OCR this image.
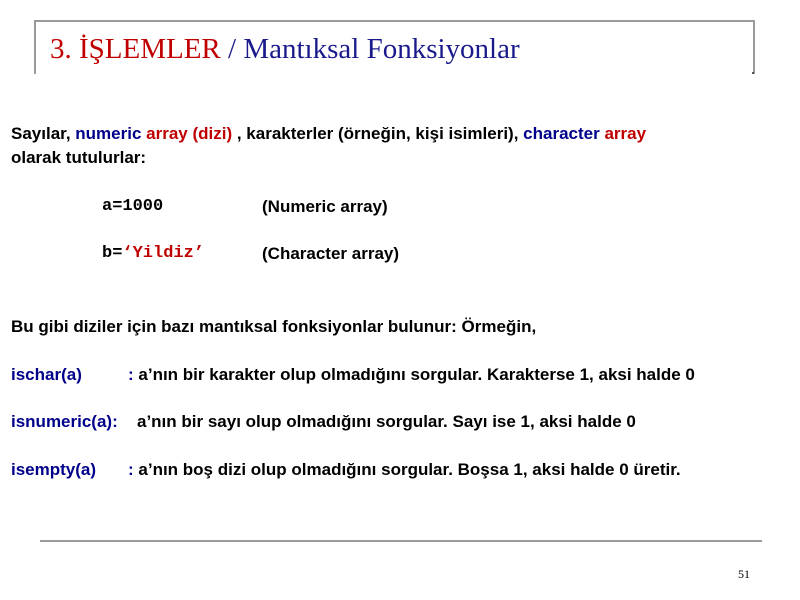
3. İŞLEMLER / Mantıksal Fonksiyonlar
Sayılar, numeric array (dizi) , karakterler (örneğin, kişi isimleri), character array
olarak tutulurlar:
a=1000	(Numeric array)
b=‘Yildiz’	(Character array)
Bu gibi diziler için bazı mantıksal fonksiyonlar bulunur: Örmeğin,
ischar(a)	: a’nın bir karakter olup olmadığını sorgular. Karakterse 1, aksi halde 0
isnumeric(a): a’nın bir sayı olup olmadığını sorgular. Sayı ise 1, aksi halde 0
isempty(a) : a’nın boş dizi olup olmadığını sorgular. Boşsa 1, aksi halde 0 üretir.
51
